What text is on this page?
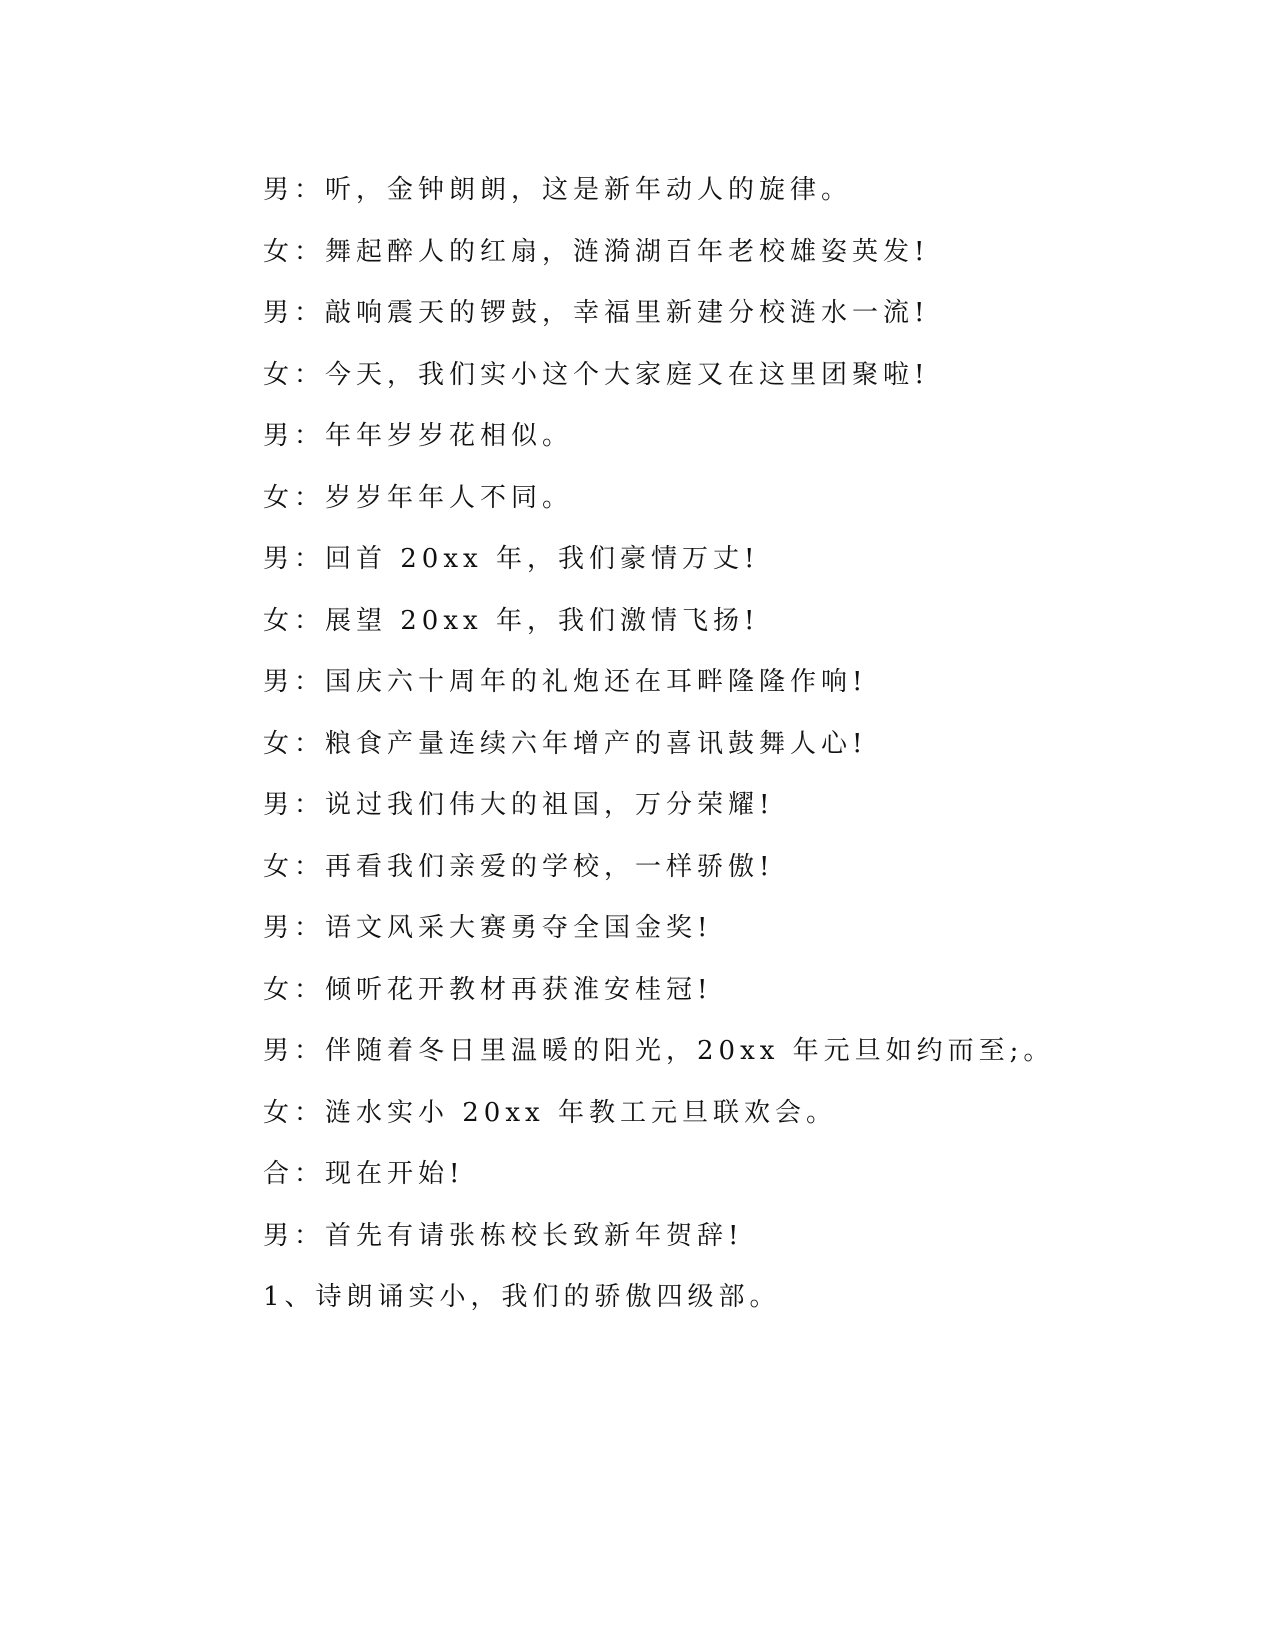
男：听，金钟朗朗，这是新年动人的旋律。

女：舞起醉人的红扇，涟漪湖百年老校雄姿英发!

男：敲响震天的锣鼓，幸福里新建分校涟水一流!

女：今天，我们实小这个大家庭又在这里团聚啦!

男：年年岁岁花相似。

女：岁岁年年人不同。

男：回首 20xx 年，我们豪情万丈!

女：展望 20xx 年，我们激情飞扬!

男：国庆六十周年的礼炮还在耳畔隆隆作响!

女：粮食产量连续六年增产的喜讯鼓舞人心!

男：说过我们伟大的祖国，万分荣耀!

女：再看我们亲爱的学校，一样骄傲!

男：语文风采大赛勇夺全国金奖!

女：倾听花开教材再获淮安桂冠!

男：伴随着冬日里温暖的阳光，20xx 年元旦如约而至;。

女：涟水实小 20xx 年教工元旦联欢会。

合：现在开始!

男：首先有请张栋校长致新年贺辞!

1、诗朗诵实小，我们的骄傲四级部。
